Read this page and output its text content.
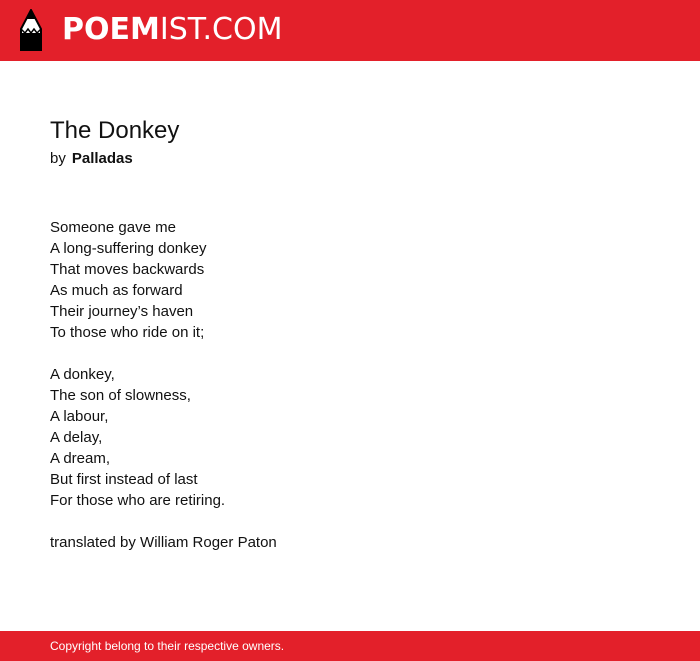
POEMIST.COM
The Donkey
by Palladas
Someone gave me
A long-suffering donkey
That moves backwards
As much as forward
Their journey’s haven
To those who ride on it;
A donkey,
The son of slowness,
A labour,
A delay,
A dream,
But first instead of last
For those who are retiring.
translated by William Roger Paton
Copyright belong to their respective owners.
